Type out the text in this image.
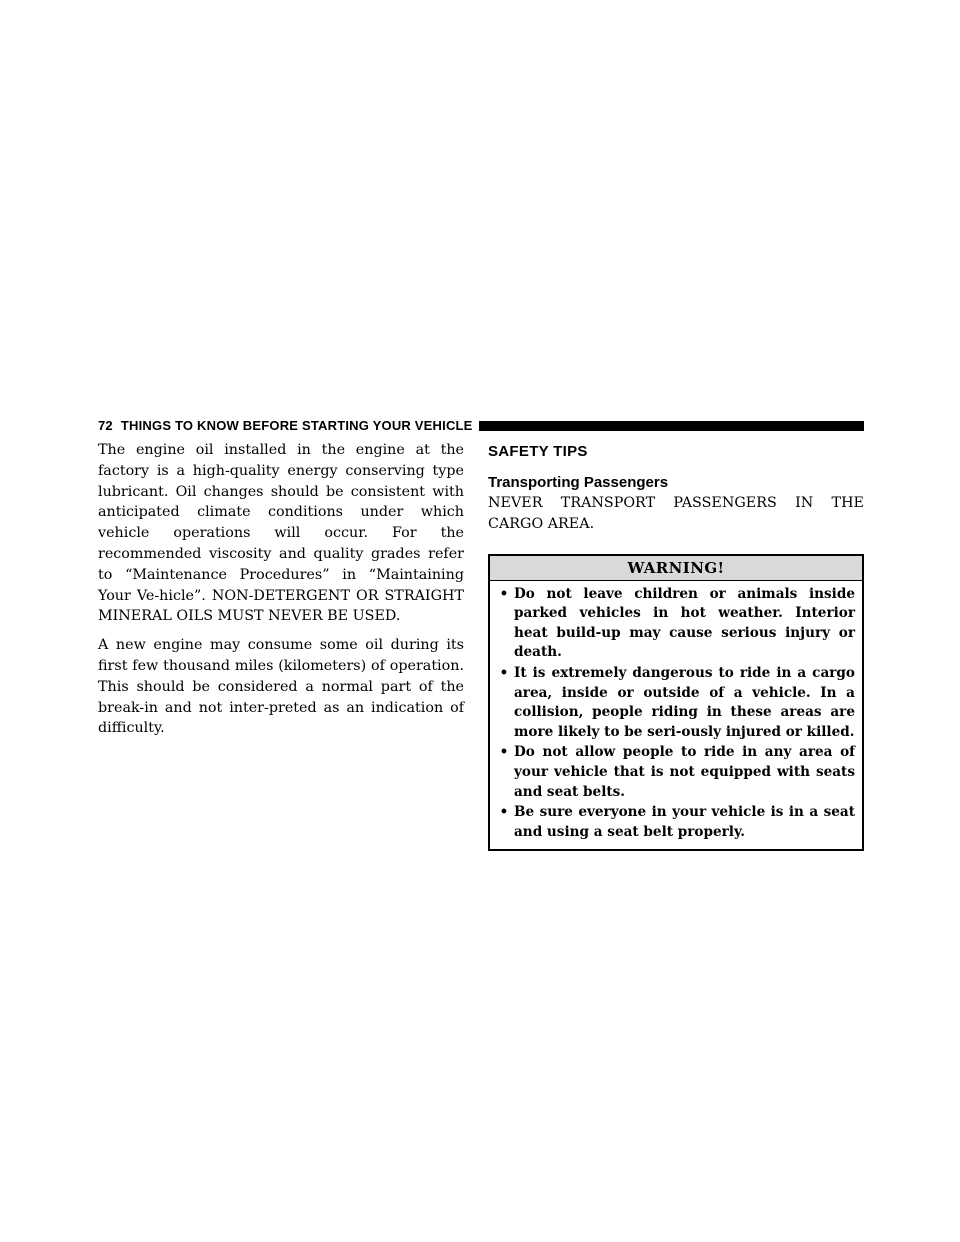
72 THINGS TO KNOW BEFORE STARTING YOUR VEHICLE

The engine oil installed in the engine at the factory is a high-quality energy conserving type lubricant. Oil changes should be consistent with anticipated climate conditions under which vehicle operations will occur. For the recommended viscosity and quality grades refer to “Maintenance Procedures” in “Maintaining Your Ve-hicle”. NON-DETERGENT OR STRAIGHT MINERAL OILS MUST NEVER BE USED.

A new engine may consume some oil during its first few thousand miles (kilometers) of operation. This should be considered a normal part of the break-in and not inter-preted as an indication of difficulty.

SAFETY TIPS
Transporting Passengers

NEVER TRANSPORT PASSENGERS IN THE CARGO AREA.

WARNING!
• Do not leave children or animals inside parked vehicles in hot weather. Interior heat build-up may cause serious injury or death.
• It is extremely dangerous to ride in a cargo area, inside or outside of a vehicle. In a collision, people riding in these areas are more likely to be seri-ously injured or killed.
• Do not allow people to ride in any area of your vehicle that is not equipped with seats and seat belts.
• Be sure everyone in your vehicle is in a seat and using a seat belt properly.
